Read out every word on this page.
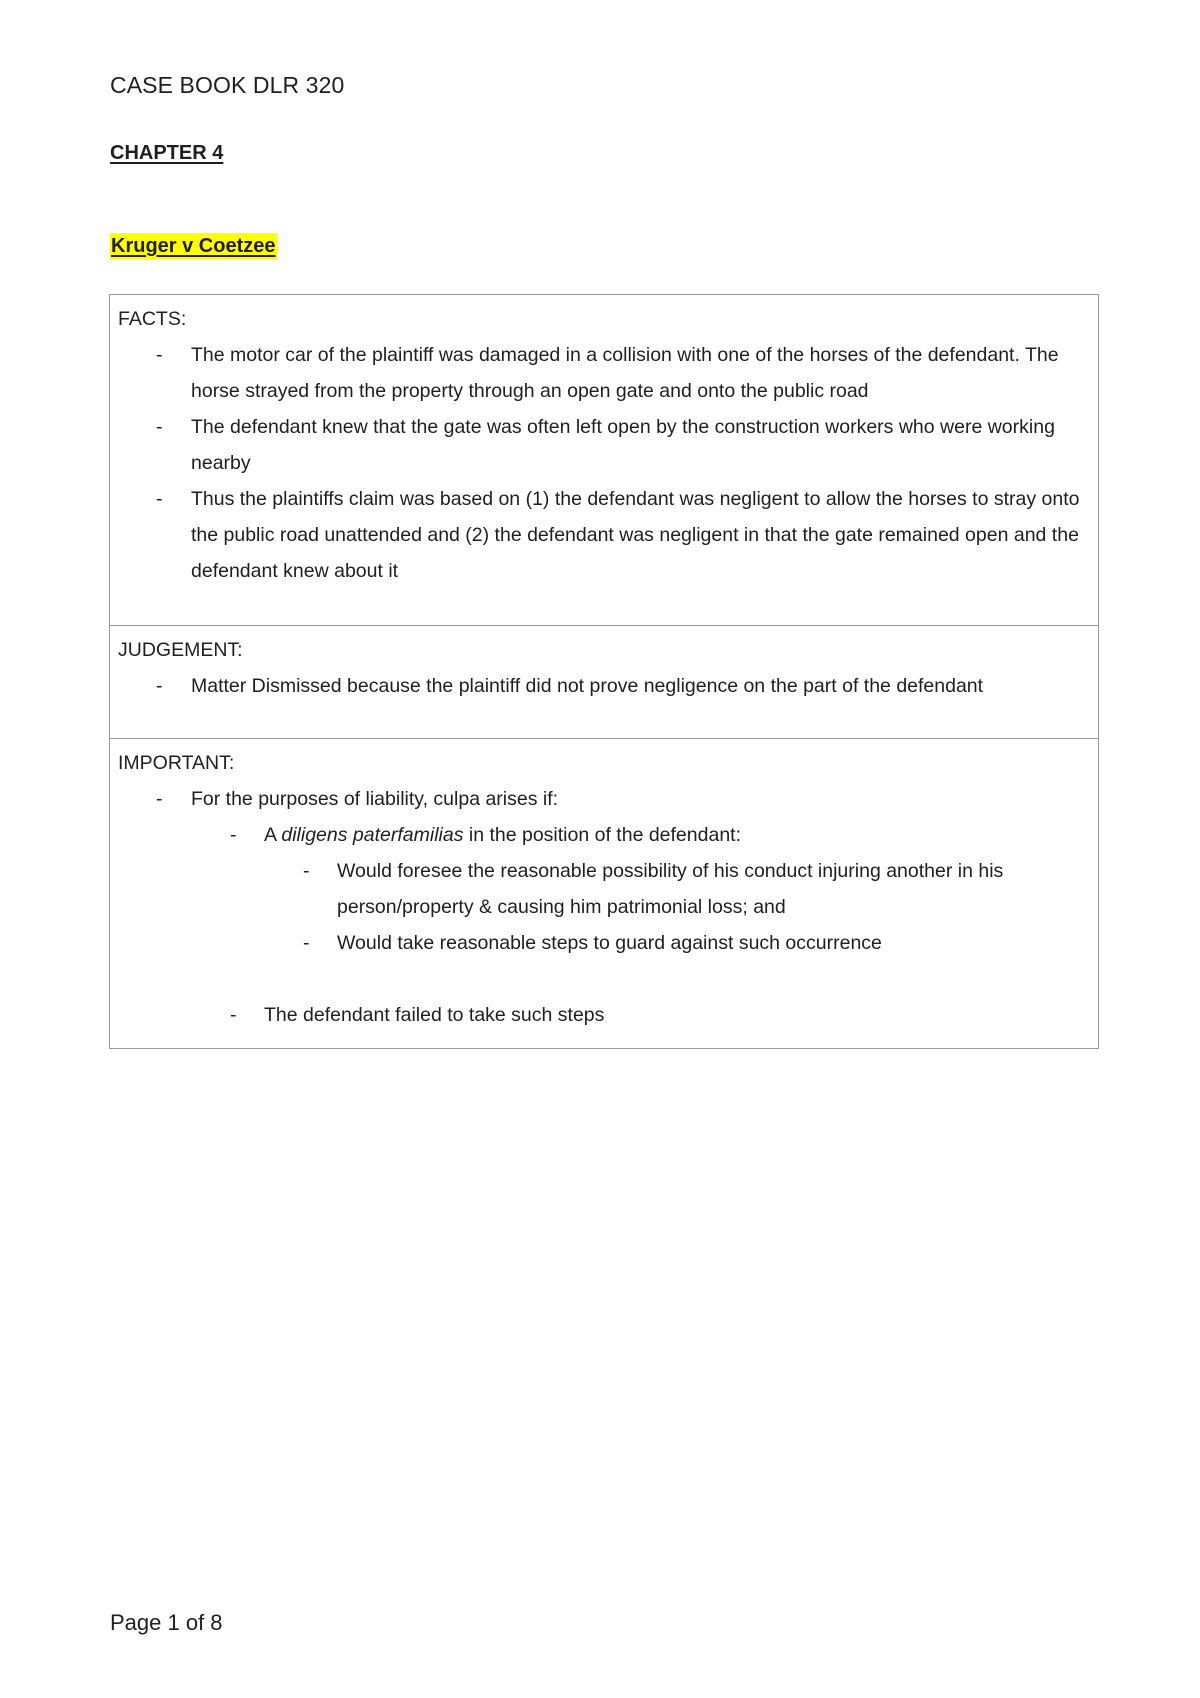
CASE BOOK DLR 320
CHAPTER 4
Kruger v Coetzee
FACTS:
- The motor car of the plaintiff was damaged in a collision with one of the horses of the defendant. The horse strayed from the property through an open gate and onto the public road
- The defendant knew that the gate was often left open by the construction workers who were working nearby
- Thus the plaintiffs claim was based on (1) the defendant was negligent to allow the horses to stray onto the public road unattended and (2) the defendant was negligent in that the gate remained open and the defendant knew about it
JUDGEMENT:
- Matter Dismissed because the plaintiff did not prove negligence on the part of the defendant
IMPORTANT:
- For the purposes of liability, culpa arises if:
- A diligens paterfamilias in the position of the defendant:
- Would foresee the reasonable possibility of his conduct injuring another in his person/property & causing him patrimonial loss; and
- Would take reasonable steps to guard against such occurrence
- The defendant failed to take such steps
Page 1 of 8
